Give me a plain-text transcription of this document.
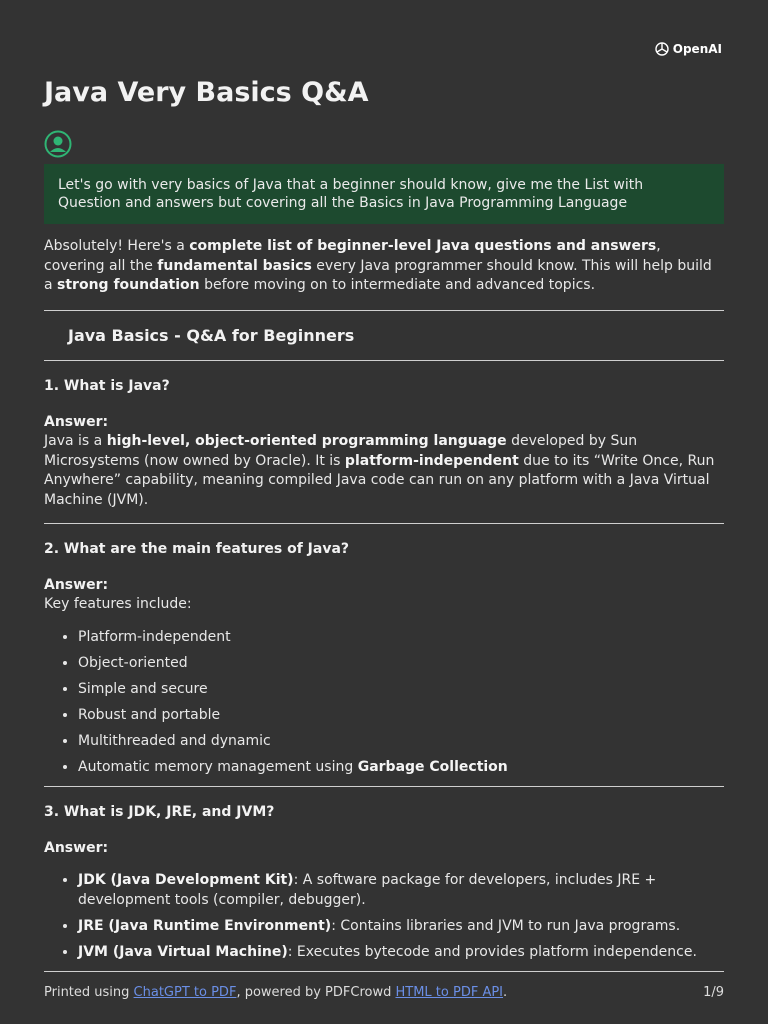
OpenAI
Java Very Basics Q&A
Let's go with very basics of Java that a beginner should know, give me the List with Question and answers but covering all the Basics in Java Programming Language

Absolutely! Here's a complete list of beginner-level Java questions and answers, covering all the fundamental basics every Java programmer should know. This will help build a strong foundation before moving on to intermediate and advanced topics.

Java Basics - Q&A for Beginners

1. What is Java?

Answer:

Java is a high-level, object-oriented programming language developed by Sun Microsystems (now owned by Oracle). It is platform-independent due to its “Write Once, Run Anywhere” capability, meaning compiled Java code can run on any platform with a Java Virtual Machine (JVM).

2. What are the main features of Java?

Answer:

Key features include:

• Platform-independent
• Object-oriented
• Simple and secure
• Robust and portable
• Multithreaded and dynamic
• Automatic memory management using Garbage Collection

3. What is JDK, JRE, and JVM?

Answer:

• JDK (Java Development Kit): A software package for developers, includes JRE + development tools (compiler, debugger).
• JRE (Java Runtime Environment): Contains libraries and JVM to run Java programs.
• JVM (Java Virtual Machine): Executes bytecode and provides platform independence.
Printed using ChatGPT to PDF, powered by PDFCrowd HTML to PDF API.	1/9
